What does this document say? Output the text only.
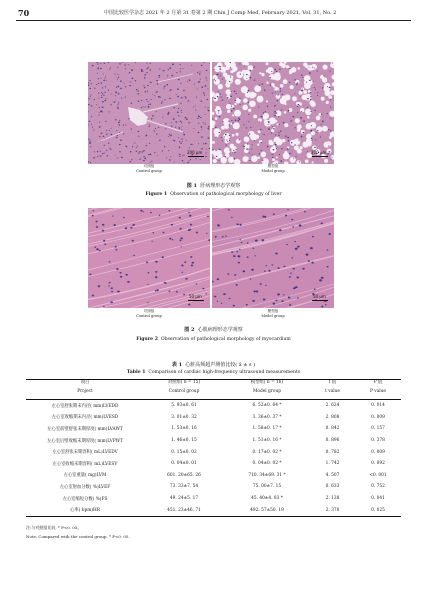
70	中国比较医学杂志 2021 年 2 月第 31 卷第 2 期 Chin J Comp Med, February 2021, Vol. 31, No. 2
200 μm	200 μm
对照组
Control group
模型组
Model group
图 1 肝病理形态学观察
Figure 1 Observation of pathological morphology of liver
50 μm	50 μm
对照组
Control group
模型组
Model group
图 2 心肌病理形态学观察
Figure 2 Observation of pathological morphology of myocardium
表 1 心脏高频超声测值比较( x̄ ± s )
Table 1 Comparison of cardiac high-frequency ultrasound measurements
项目	对照组( n = 15)	模型组( n = 16)	t 值	P 值
Project	Control group	Model group	t value	P value
左心室舒张期末内径( mm)LVEDD	5. 93±0. 61	6. 52±0. 64 *	2. 624	0. 014
左心室收缩期末内径( mm)LVESD	3. 01±0. 32	3. 36±0. 37 *	2. 808	0. 009
左心室前壁舒张末期厚度( mm)LVAWT	1. 53±0. 16	1. 58±0. 17 *	0. 842	0. 157
左心室后壁收缩末期厚度( mm)LVPWT	1. 46±0. 15	1. 51±0. 16 *	0. 896	0. 378
左心室舒张末期容积( mL)LVEDV	0. 15±0. 02	0. 17±0. 02 *	0. 782	0. 009
左心室收缩末期容积( mL)LVESV	0. 04±0. 01	0. 04±0. 02 *	1. 742	0. 092
左心室重量( mg)LVM	601. 20±65. 26	710. 34±69. 31 *	4. 507	<0. 001
左心室射血分数( %)LVEF	73. 33±7. 54	75. 00±7. 15	0. 633	0. 752
左心室缩短分数( %)FS	49. 24±5. 17	45. 40±4. 83 *	2. 138	0. 041
心率( bpm)HR	451. 23±46. 71	492. 57±50. 19	2. 370	0. 025
注:与对照组比较, * P<0. 05。
Note. Compared with the control group, * P<0. 05.
